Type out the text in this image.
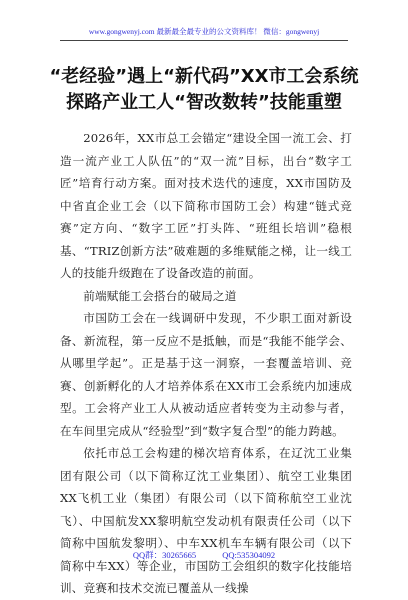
www.gongwenyj.com 最新最全最专业的公文资料库！ 微信：gongwenyj
“老经验”遇上“新代码”XX市工会系统探路产业工人“智改数转”技能重塑

2026年，XX市总工会锚定“建设全国一流工会、打造一流产业工人队伍”的“双一流”目标，出台“数字工匠”培育行动方案。面对技术迭代的速度，XX市国防及中省直企业工会（以下简称市国防工会）构建“链式竞赛”定方向、“数字工匠”打头阵、“班组长培训”稳根基、“TRIZ创新方法”破难题的多维赋能之梯，让一线工人的技能升级跑在了设备改造的前面。

前端赋能工会搭台的破局之道

市国防工会在一线调研中发现，不少职工面对新设备、新流程，第一反应不是抵触，而是“我能不能学会、从哪里学起”。正是基于这一洞察，一套覆盖培训、竞赛、创新孵化的人才培养体系在XX市工会系统内加速成型。工会将产业工人从被动适应者转变为主动参与者，在车间里完成从“经验型”到“数字复合型”的能力跨越。

依托市总工会构建的梯次培育体系，在辽沈工业集团有限公司（以下简称辽沈工业集团）、航空工业集团XX飞机工业（集团）有限公司（以下简称航空工业沈飞）、中国航发XX黎明航空发动机有限责任公司（以下简称中国航发黎明）、中车XX机车车辆有限公司（以下简称中车XX）等企业，市国防工会组织的数字化技能培训、竞赛和技术交流已覆盖从一线操

QQ群：30265665	QQ:535304092
